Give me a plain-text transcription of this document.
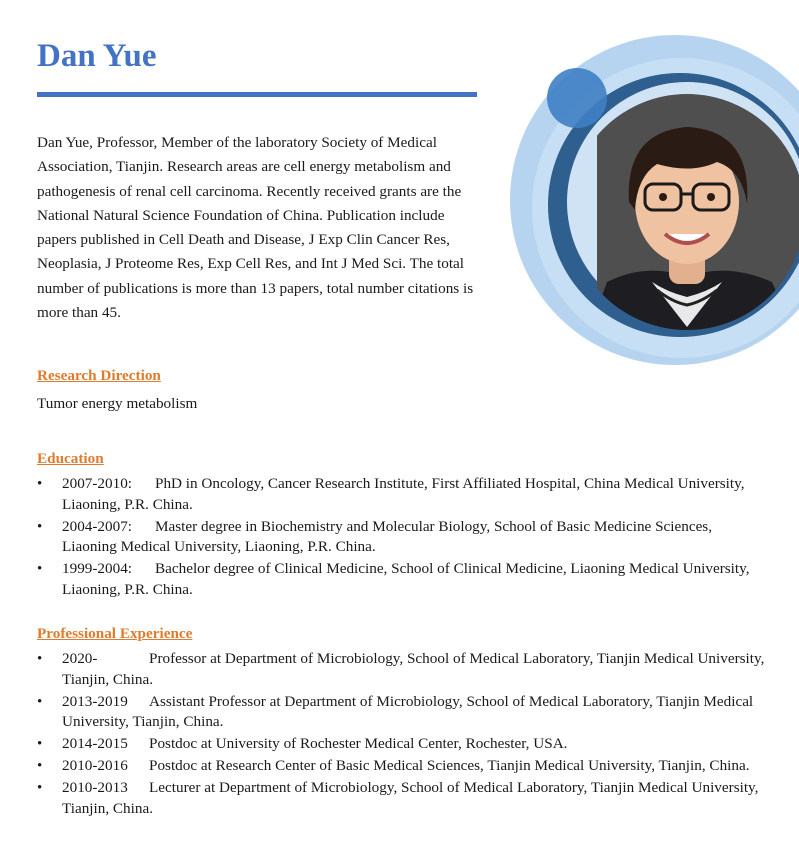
Dan Yue

Dan Yue, Professor, Member of the laboratory Society of Medical Association, Tianjin. Research areas are cell energy metabolism and pathogenesis of renal cell carcinoma. Recently received grants are the National Natural Science Foundation of China. Publication include papers published in Cell Death and Disease, J Exp Clin Cancer Res, Neoplasia, J Proteome Res, Exp Cell Res, and Int J Med Sci. The total number of publications is more than 13 papers, total number citations is more than 45.

Research Direction

Tumor energy metabolism

Education
• 2007-2010: PhD in Oncology, Cancer Research Institute, First Affiliated Hospital, China Medical University, Liaoning, P.R. China.
• 2004-2007: Master degree in Biochemistry and Molecular Biology, School of Basic Medicine Sciences, Liaoning Medical University, Liaoning, P.R. China.
• 1999-2004: Bachelor degree of Clinical Medicine, School of Clinical Medicine, Liaoning Medical University, Liaoning, P.R. China.
Professional Experience
• 2020-	Professor at Department of Microbiology, School of Medical Laboratory, Tianjin Medical University, Tianjin, China.
• 2013-2019 Assistant Professor at Department of Microbiology, School of Medical Laboratory, Tianjin Medical University, Tianjin, China.
• 2014-2015 Postdoc at University of Rochester Medical Center, Rochester, USA.
• 2010-2016 Postdoc at Research Center of Basic Medical Sciences, Tianjin Medical University, Tianjin, China.
• 2010-2013 Lecturer at Department of Microbiology, School of Medical Laboratory, Tianjin Medical University, Tianjin, China.
